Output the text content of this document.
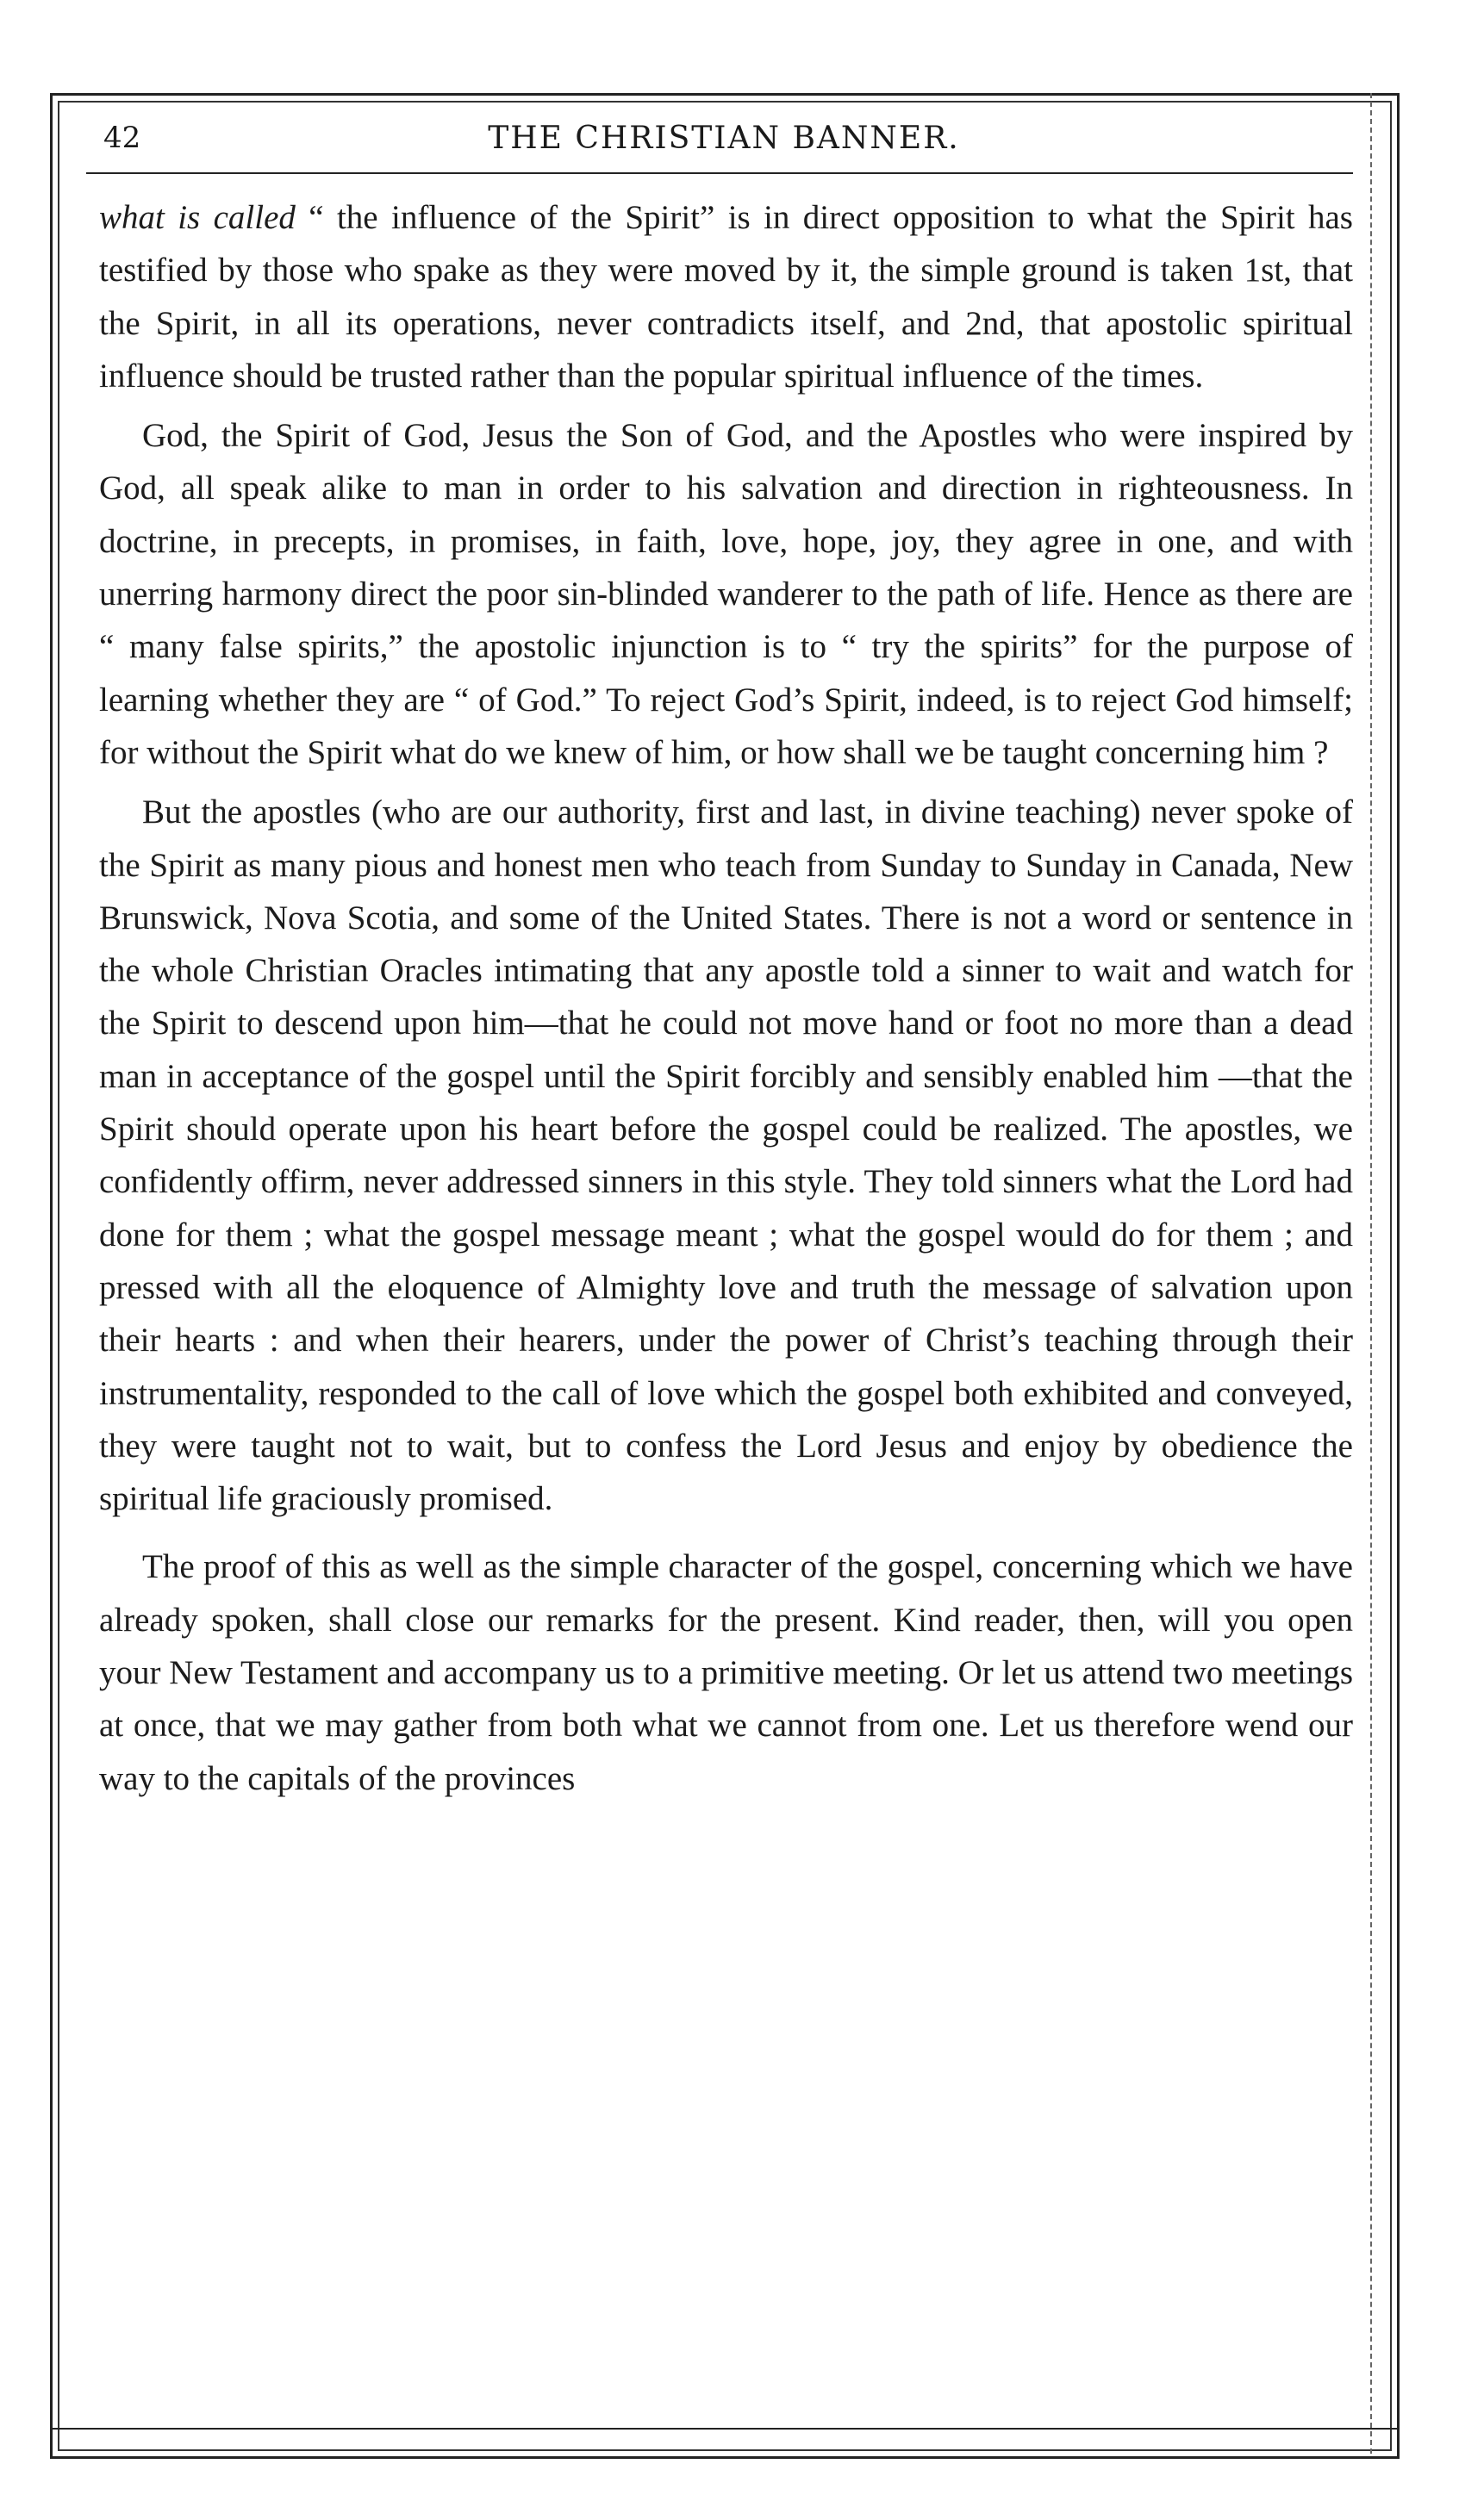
42	THE CHRISTIAN BANNER.

what is called “ the influence of the Spirit” is in direct opposition to what the Spirit has testified by those who spake as they were moved by it, the simple ground is taken 1st, that the Spirit, in all its operations, never contradicts itself, and 2nd, that apostolic spiritual influence should be trusted rather than the popular spiritual influence of the times.

God, the Spirit of God, Jesus the Son of God, and the Apostles who were inspired by God, all speak alike to man in order to his salvation and direction in righteousness. In doctrine, in precepts, in promises, in faith, love, hope, joy, they agree in one, and with unerring harmony direct the poor sin-blinded wanderer to the path of life. Hence as there are “ many false spirits,” the apostolic injunction is to “ try the spirits” for the purpose of learning whether they are “ of God.” To reject God’s Spirit, indeed, is to reject God himself; for without the Spirit what do we knew of him, or how shall we be taught concerning him ?

But the apostles (who are our authority, first and last, in divine teaching) never spoke of the Spirit as many pious and honest men who teach from Sunday to Sunday in Canada, New Brunswick, Nova Scotia, and some of the United States. There is not a word or sentence in the whole Christian Oracles intimating that any apostle told a sinner to wait and watch for the Spirit to descend upon him—that he could not move hand or foot no more than a dead man in acceptance of the gospel until the Spirit forcibly and sensibly enabled him —that the Spirit should operate upon his heart before the gospel could be realized. The apostles, we confidently offirm, never addressed sinners in this style. They told sinners what the Lord had done for them ; what the gospel message meant ; what the gospel would do for them ; and pressed with all the eloquence of Almighty love and truth the message of salvation upon their hearts : and when their hearers, under the power of Christ’s teaching through their instrumentality, responded to the call of love which the gospel both exhibited and conveyed, they were taught not to wait, but to confess the Lord Jesus and enjoy by obedience the spiritual life graciously promised.

The proof of this as well as the simple character of the gospel, concerning which we have already spoken, shall close our remarks for the present. Kind reader, then, will you open your New Testament and accompany us to a primitive meeting. Or let us attend two meetings at once, that we may gather from both what we cannot from one. Let us therefore wend our way to the capitals of the provinces
